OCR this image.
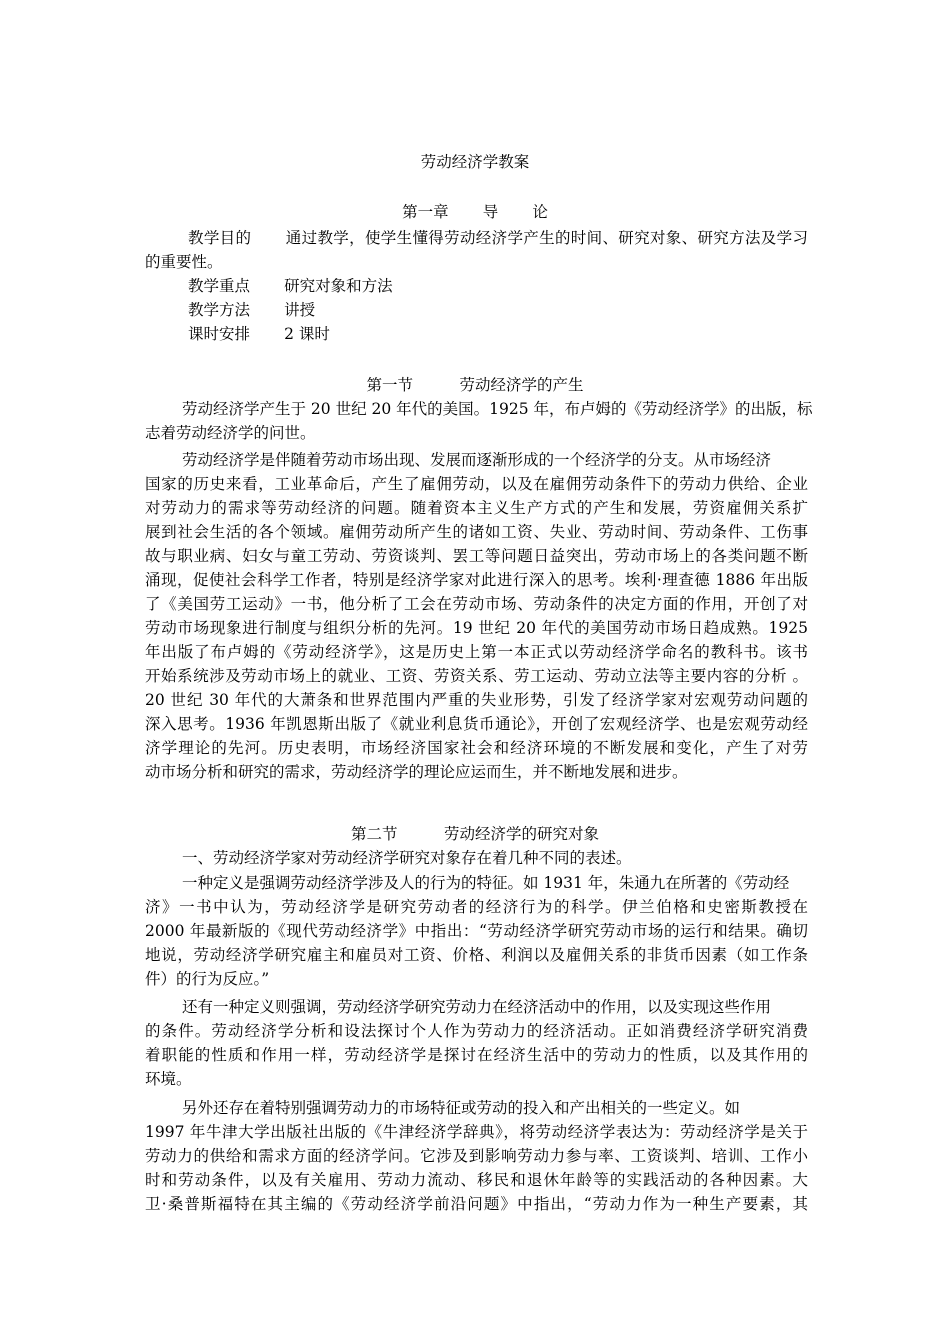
劳动经济学教案
第一章 导 论
教学目的 通过教学，使学生懂得劳动经济学产生的时间、研究对象、研究方法及学习
的重要性。
教学重点 研究对象和方法
教学方法 讲授
课时安排 2 课时
第一节	劳动经济学的产生
劳动经济学产生于 20 世纪 20 年代的美国。1925 年，布卢姆的《劳动经济学》的出版，标
志着劳动经济学的问世。
劳动经济学是伴随着劳动市场出现、发展而逐渐形成的一个经济学的分支。从市场经济
国家的历史来看，工业革命后，产生了雇佣劳动，以及在雇佣劳动条件下的劳动力供给、企业
对劳动力的需求等劳动经济的问题。随着资本主义生产方式的产生和发展，劳资雇佣关系扩
展到社会生活的各个领域。雇佣劳动所产生的诸如工资、失业、劳动时间、劳动条件、工伤事
故与职业病、妇女与童工劳动、劳资谈判、罢工等问题日益突出，劳动市场上的各类问题不断
涌现，促使社会科学工作者，特别是经济学家对此进行深入的思考。埃利·理查德 1886 年出版
了《美国劳工运动》一书，他分析了工会在劳动市场、劳动条件的决定方面的作用，开创了对
劳动市场现象进行制度与组织分析的先河。19 世纪 20 年代的美国劳动市场日趋成熟。1925
年出版了布卢姆的《劳动经济学》，这是历史上第一本正式以劳动经济学命名的教科书。该书
开始系统涉及劳动市场上的就业、工资、劳资关系、劳工运动、劳动立法等主要内容的分析 。
20 世纪 30 年代的大萧条和世界范围内严重的失业形势，引发了经济学家对宏观劳动问题的
深入思考。1936 年凯恩斯出版了《就业利息货币通论》，开创了宏观经济学、也是宏观劳动经
济学理论的先河。历史表明，市场经济国家社会和经济环境的不断发展和变化，产生了对劳
动市场分析和研究的需求，劳动经济学的理论应运而生，并不断地发展和进步。
第二节	劳动经济学的研究对象
一、劳动经济学家对劳动经济学研究对象存在着几种不同的表述。
一种定义是强调劳动经济学涉及人的行为的特征。如 1931 年，朱通九在所著的《劳动经
济》一书中认为，劳动经济学是研究劳动者的经济行为的科学。伊兰伯格和史密斯教授在
2000 年最新版的《现代劳动经济学》中指出：“劳动经济学研究劳动市场的运行和结果。确切
地说，劳动经济学研究雇主和雇员对工资、价格、利润以及雇佣关系的非货币因素（如工作条
件）的行为反应。”
还有一种定义则强调，劳动经济学研究劳动力在经济活动中的作用，以及实现这些作用
的条件。劳动经济学分析和设法探讨个人作为劳动力的经济活动。正如消费经济学研究消费
着职能的性质和作用一样，劳动经济学是探讨在经济生活中的劳动力的性质，以及其作用的
环境。
另外还存在着特别强调劳动力的市场特征或劳动的投入和产出相关的一些定义。如
1997 年牛津大学出版社出版的《牛津经济学辞典》，将劳动经济学表达为：劳动经济学是关于
劳动力的供给和需求方面的经济学问。它涉及到影响劳动力参与率、工资谈判、培训、工作小
时和劳动条件，以及有关雇用、劳动力流动、移民和退休年龄等的实践活动的各种因素。大
卫·桑普斯福特在其主编的《劳动经济学前沿问题》中指出，“劳动力作为一种生产要素，其
